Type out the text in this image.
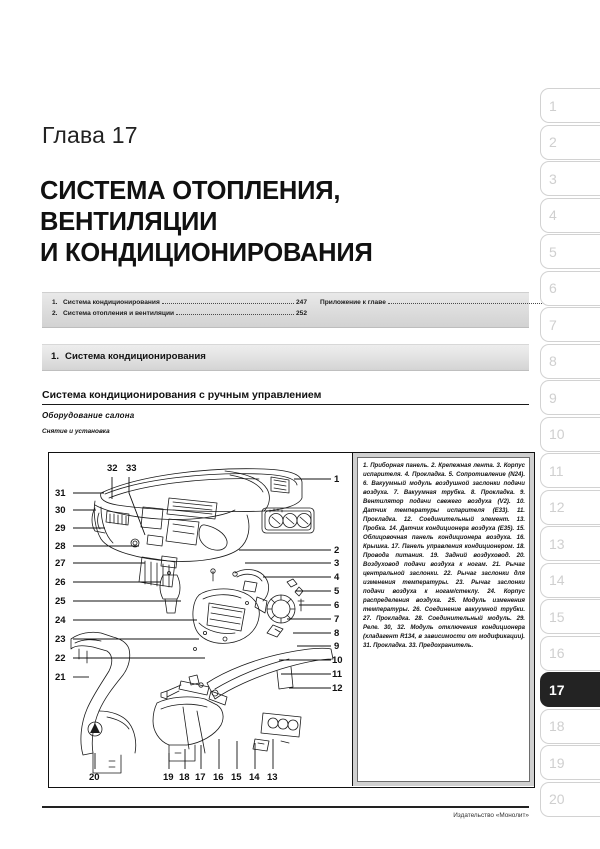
Глава 17
СИСТЕМА ОТОПЛЕНИЯ,
ВЕНТИЛЯЦИИ
И КОНДИЦИОНИРОВАНИЯ
1. Система кондиционирования	247
2. Система отопления и вентиляции	252
Приложение к главе
1. Система кондиционирования
Система кондиционирования с ручным управлением
Оборудование салона
Снятие и установка
32 33
1
2
3
4
5
6
7
8
9
10
11
12
31
30
29
28
27
26
25
24
23
22
21
20	19 18 17 16 15 14 13
1. Приборная панель. 2. Крепежная лента. 3. Корпус испарителя. 4. Прокладка. 5. Сопротивление (N24). 6. Вакуумный модуль воздушной заслонки подачи воздуха. 7. Вакуумная трубка. 8. Прокладка. 9. Вентилятор подачи свежего воздуха (V2). 10. Датчик температуры испарителя (E33). 11. Прокладка. 12. Соединительный элемент. 13. Пробка. 14. Датчик кондиционера воздуха (E35). 15. Облицовочная панель кондиционера воздуха. 16. Крышка. 17. Панель управления кондиционером. 18. Провода питания. 19. Задний воздуховод. 20. Воздуховод подачи воздуха к ногам. 21. Рычаг центральной заслонки. 22. Рычаг заслонки для изменения температуры. 23. Рычаг заслонки подачи воздуха к ногам/стеклу. 24. Корпус распределения воздуха. 25. Модуль изменения температуры. 26. Соединение вакуумной трубки. 27. Прокладка. 28. Соединительный модуль. 29. Реле. 30, 32. Модуль отключения кондиционера (хладагент R134, в зависимости от модификации). 31. Прокладка. 33. Предохранитель.
Издательство «Монолит»
1
2
3
4
5
6
7
8
9
10
11
12
13
14
15
16
17
18
19
20
